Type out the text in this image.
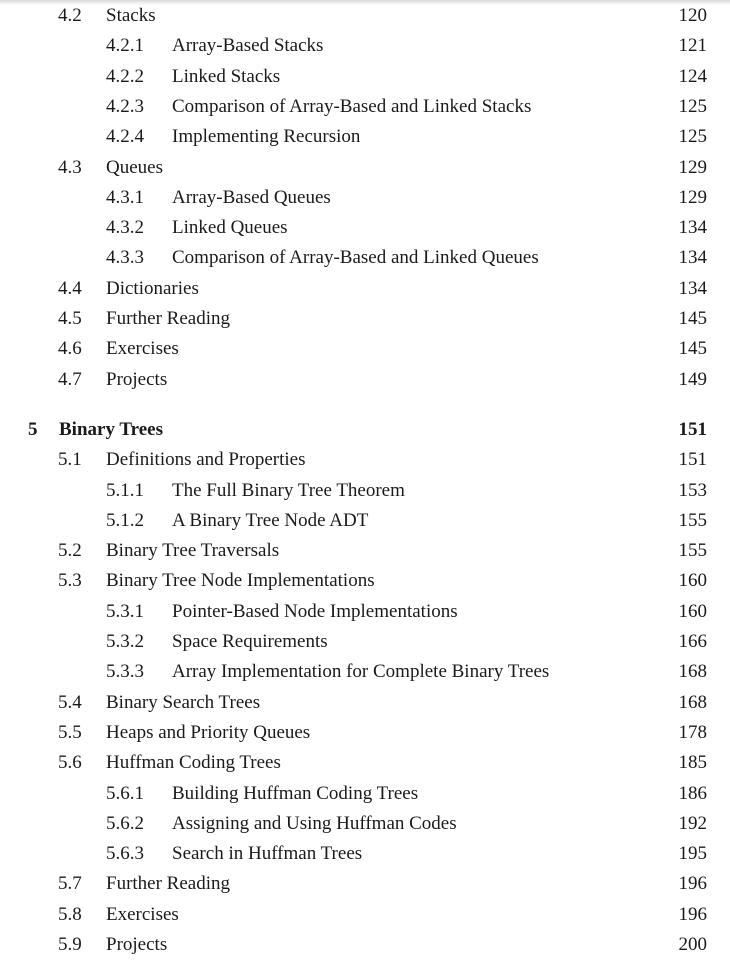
4.2 Stacks	120
4.2.1 Array-Based Stacks	121
4.2.2 Linked Stacks	124
4.2.3 Comparison of Array-Based and Linked Stacks	125
4.2.4 Implementing Recursion	125
4.3 Queues	129
4.3.1 Array-Based Queues	129
4.3.2 Linked Queues	134
4.3.3 Comparison of Array-Based and Linked Queues	134
4.4 Dictionaries	134
4.5 Further Reading	145
4.6 Exercises	145
4.7 Projects	149
5 Binary Trees	151
5.1 Definitions and Properties	151
5.1.1 The Full Binary Tree Theorem	153
5.1.2 A Binary Tree Node ADT	155
5.2 Binary Tree Traversals	155
5.3 Binary Tree Node Implementations	160
5.3.1 Pointer-Based Node Implementations	160
5.3.2 Space Requirements	166
5.3.3 Array Implementation for Complete Binary Trees	168
5.4 Binary Search Trees	168
5.5 Heaps and Priority Queues	178
5.6 Huffman Coding Trees	185
5.6.1 Building Huffman Coding Trees	186
5.6.2 Assigning and Using Huffman Codes	192
5.6.3 Search in Huffman Trees	195
5.7 Further Reading	196
5.8 Exercises	196
5.9 Projects	200
